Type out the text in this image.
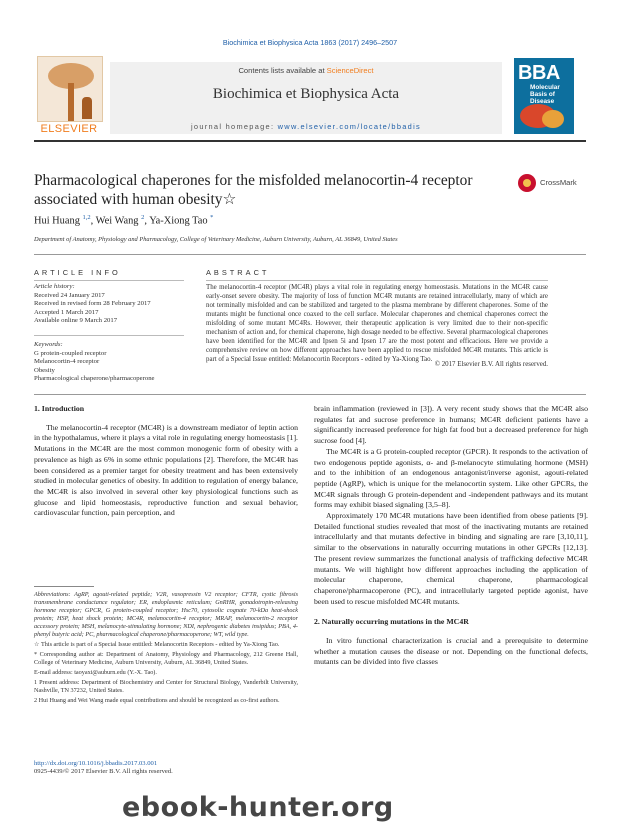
Biochimica et Biophysica Acta 1863 (2017) 2496–2507
ELSEVIER
Contents lists available at ScienceDirect
Biochimica et Biophysica Acta
journal homepage: www.elsevier.com/locate/bbadis
BBA
Molecular Basis of Disease
Pharmacological chaperones for the misfolded melanocortin-4 receptor associated with human obesity☆
CrossMark
Hui Huang $^{1,2}$, Wei Wang $^2$, Ya-Xiong Tao *
Department of Anatomy, Physiology and Pharmacology, College of Veterinary Medicine, Auburn University, Auburn, AL 36849, United States
ARTICLE INFO
Article history:
Received 24 January 2017
Received in revised form 28 February 2017
Accepted 1 March 2017
Available online 9 March 2017
Keywords:
G protein-coupled receptor
Melanocortin-4 receptor
Obesity
Pharmacological chaperone/pharmacoperone
ABSTRACT
The melanocortin-4 receptor (MC4R) plays a vital role in regulating energy homeostasis. Mutations in the MC4R cause early-onset severe obesity. The majority of loss of function MC4R mutants are retained intracellularly, many of which are not terminally misfolded and can be stabilized and targeted to the plasma membrane by different chaperones. Some of the mutants might be functional once coaxed to the cell surface. Molecular chaperones and chemical chaperones correct the misfolding of some mutant MC4Rs. However, their therapeutic application is very limited due to their non-specific mechanism of action and, for chemical chaperone, high dosage needed to be effective. Several pharmacological chaperones have been identified for the MC4R and Ipsen 5i and Ipsen 17 are the most potent and efficacious. Here we provide a comprehensive review on how different approaches have been applied to rescue misfolded MC4R mutants. This article is part of a Special Issue entitled: Melanocortin Receptors - edited by Ya-Xiong Tao.
© 2017 Elsevier B.V. All rights reserved.

1. Introduction

The melanocortin-4 receptor (MC4R) is a downstream mediator of leptin action in the hypothalamus, where it plays a vital role in regulating energy homeostasis [1]. Mutations in the MC4R are the most common monogenic form of obesity with a prevalence as high as 6% in some ethnic populations [2]. Therefore, the MC4R has been considered as a premier target for obesity treatment and has been extensively studied in molecular genetics of obesity. In addition to regulation of energy balance, the MC4R is also involved in several other key physiological functions such as glucose and lipid homeostasis, reproductive function and sexual behavior, cardiovascular function, pain perception, and

Abbreviations: AgRP, agouti-related peptide; V2R, vasopressin V2 receptor; CFTR, cystic fibrosis transmembrane conductance regulator; ER, endoplasmic reticulum; GnRHR, gonadotropin-releasing hormone receptor; GPCR, G protein-coupled receptor; Hsc70, cytosolic cognate 70-kDa heat-shock protein; HSP, heat shock protein; MC4R, melanocortin-4 receptor; MRAP, melanocortin-2 receptor accessory protein; MSH, melanocyte-stimulating hormone; NDI, nephrogenic diabetes insipidus; PBA, 4-phenyl butyric acid; PC, pharmacological chaperone/pharmacoperone; WT, wild type.

☆ This article is part of a Special Issue entitled: Melanocortin Receptors - edited by Ya-Xiong Tao.

* Corresponding author at: Department of Anatomy, Physiology and Pharmacology, 212 Greene Hall, College of Veterinary Medicine, Auburn University, Auburn, AL 36849, United States.

E-mail address: taoyaxi@auburn.edu (Y.-X. Tao).

1 Present address: Department of Biochemistry and Center for Structural Biology, Vanderbilt University, Nashville, TN 37232, United States.

2 Hui Huang and Wei Wang made equal contributions and should be recognized as co-first authors.

brain inflammation (reviewed in [3]). A very recent study shows that the MC4R also regulates fat and sucrose preference in humans; MC4R deficient patients have a significantly increased preference for high fat food but a decreased preference for high sucrose food [4].

The MC4R is a G protein-coupled receptor (GPCR). It responds to the activation of two endogenous peptide agonists, α- and β-melanocyte stimulating hormone (MSH) and to the inhibition of an endogenous antagonist/inverse agonist, agouti-related peptide (AgRP), which is unique for the melanocortin system. Like other GPCRs, the MC4R signals through G protein-dependent and -independent pathways and its mutant forms may exhibit biased signaling [3,5–8].

Approximately 170 MC4R mutations have been identified from obese patients [9]. Detailed functional studies revealed that most of the inactivating mutants are retained intracellularly and that mutants defective in binding and signaling are rare [3,10,11], similar to the observations in naturally occurring mutations in other GPCRs [12,13]. The present review summarizes the functional analysis of trafficking defective MC4R mutants. We will highlight how different approaches including the application of molecular chaperone, chemical chaperone, pharmacological chaperone/pharmacoperone (PC), and intracellularly targeted peptide agonist, have been used to rescue misfolded MC4R mutants.

2. Naturally occurring mutations in the MC4R

In vitro functional characterization is crucial and a prerequisite to determine whether a mutation causes the disease or not. Depending on the functional defects, mutants can be divided into five classes

http://dx.doi.org/10.1016/j.bbadis.2017.03.001
0925-4439/© 2017 Elsevier B.V. All rights reserved.
ebook-hunter.org
